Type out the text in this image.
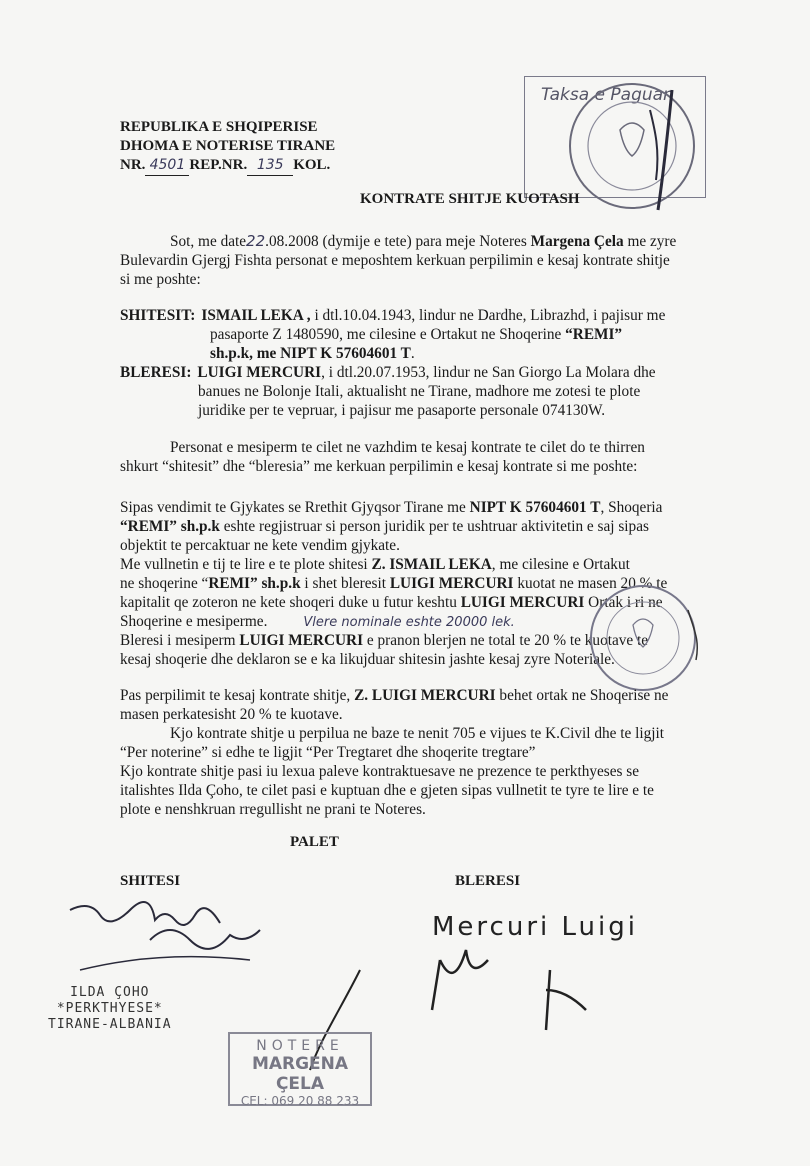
REPUBLIKA E SHQIPERISE
DHOMA E NOTERISE TIRANE
NR. 4501 REP.NR. 135 KOL.
Taksa e Paguar
KONTRATE SHITJE KUOTASH
Sot, me date22.08.2008 (dymije e tete) para meje Noteres Margena Çela me zyre
Bulevardin Gjergj Fishta personat e meposhtem kerkuan perpilimin e kesaj kontrate shitje
si me poshte:
SHITESIT: ISMAIL LEKA , i dtl.10.04.1943, lindur ne Dardhe, Librazhd, i pajisur me
pasaporte Z 1480590, me cilesine e Ortakut ne Shoqerine “REMI”
sh.p.k, me NIPT K 57604601 T.
BLERESI: LUIGI MERCURI, i dtl.20.07.1953, lindur ne San Giorgo La Molara dhe
banues ne Bolonje Itali, aktualisht ne Tirane, madhore me zotesi te plote
juridike per te vepruar, i pajisur me pasaporte personale 074130W.
Personat e mesiperm te cilet ne vazhdim te kesaj kontrate te cilet do te thirren
shkurt “shitesit” dhe “bleresia” me kerkuan perpilimin e kesaj kontrate si me poshte:
Sipas vendimit te Gjykates se Rrethit Gjyqsor Tirane me NIPT K 57604601 T, Shoqeria
“REMI” sh.p.k eshte regjistruar si person juridik per te ushtruar aktivitetin e saj sipas
objektit te percaktuar ne kete vendim gjykate.
Me vullnetin e tij te lire e te plote shitesi Z. ISMAIL LEKA, me cilesine e Ortakut
ne shoqerine “REMI” sh.p.k i shet bleresit LUIGI MERCURI kuotat ne masen 20 % te
kapitalit qe zoteron ne kete shoqeri duke u futur keshtu LUIGI MERCURI Ortak i ri ne
Shoqerine e mesiperme.	Vlere nominale eshte 20000 lek.
Bleresi i mesiperm LUIGI MERCURI e pranon blerjen ne total te 20 % te kuotave te
kesaj shoqerie dhe deklaron se e ka likujduar shitesin jashte kesaj zyre Noteriale.
Pas perpilimit te kesaj kontrate shitje, Z. LUIGI MERCURI behet ortak ne Shoqerise ne
masen perkatesisht 20 % te kuotave.
Kjo kontrate shitje u perpilua ne baze te nenit 705 e vijues te K.Civil dhe te ligjit
“Per noterine” si edhe te ligjit “Per Tregtaret dhe shoqerite tregtare”
Kjo kontrate shitje pasi iu lexua paleve kontraktuesave ne prezence te perkthyeses se
italishtes Ilda Çoho, te cilet pasi e kuptuan dhe e gjeten sipas vullnetit te tyre te lire e te
plote e nenshkruan rregullisht ne prani te Noteres.
PALET
SHITESI	BLERESI
ILDA ÇOHO
*PERKTHYESE*
TIRANE-ALBANIA
Mercuri Luigi
NOTERE
MARGENA ÇELA
CEL: 069 20 88 233
